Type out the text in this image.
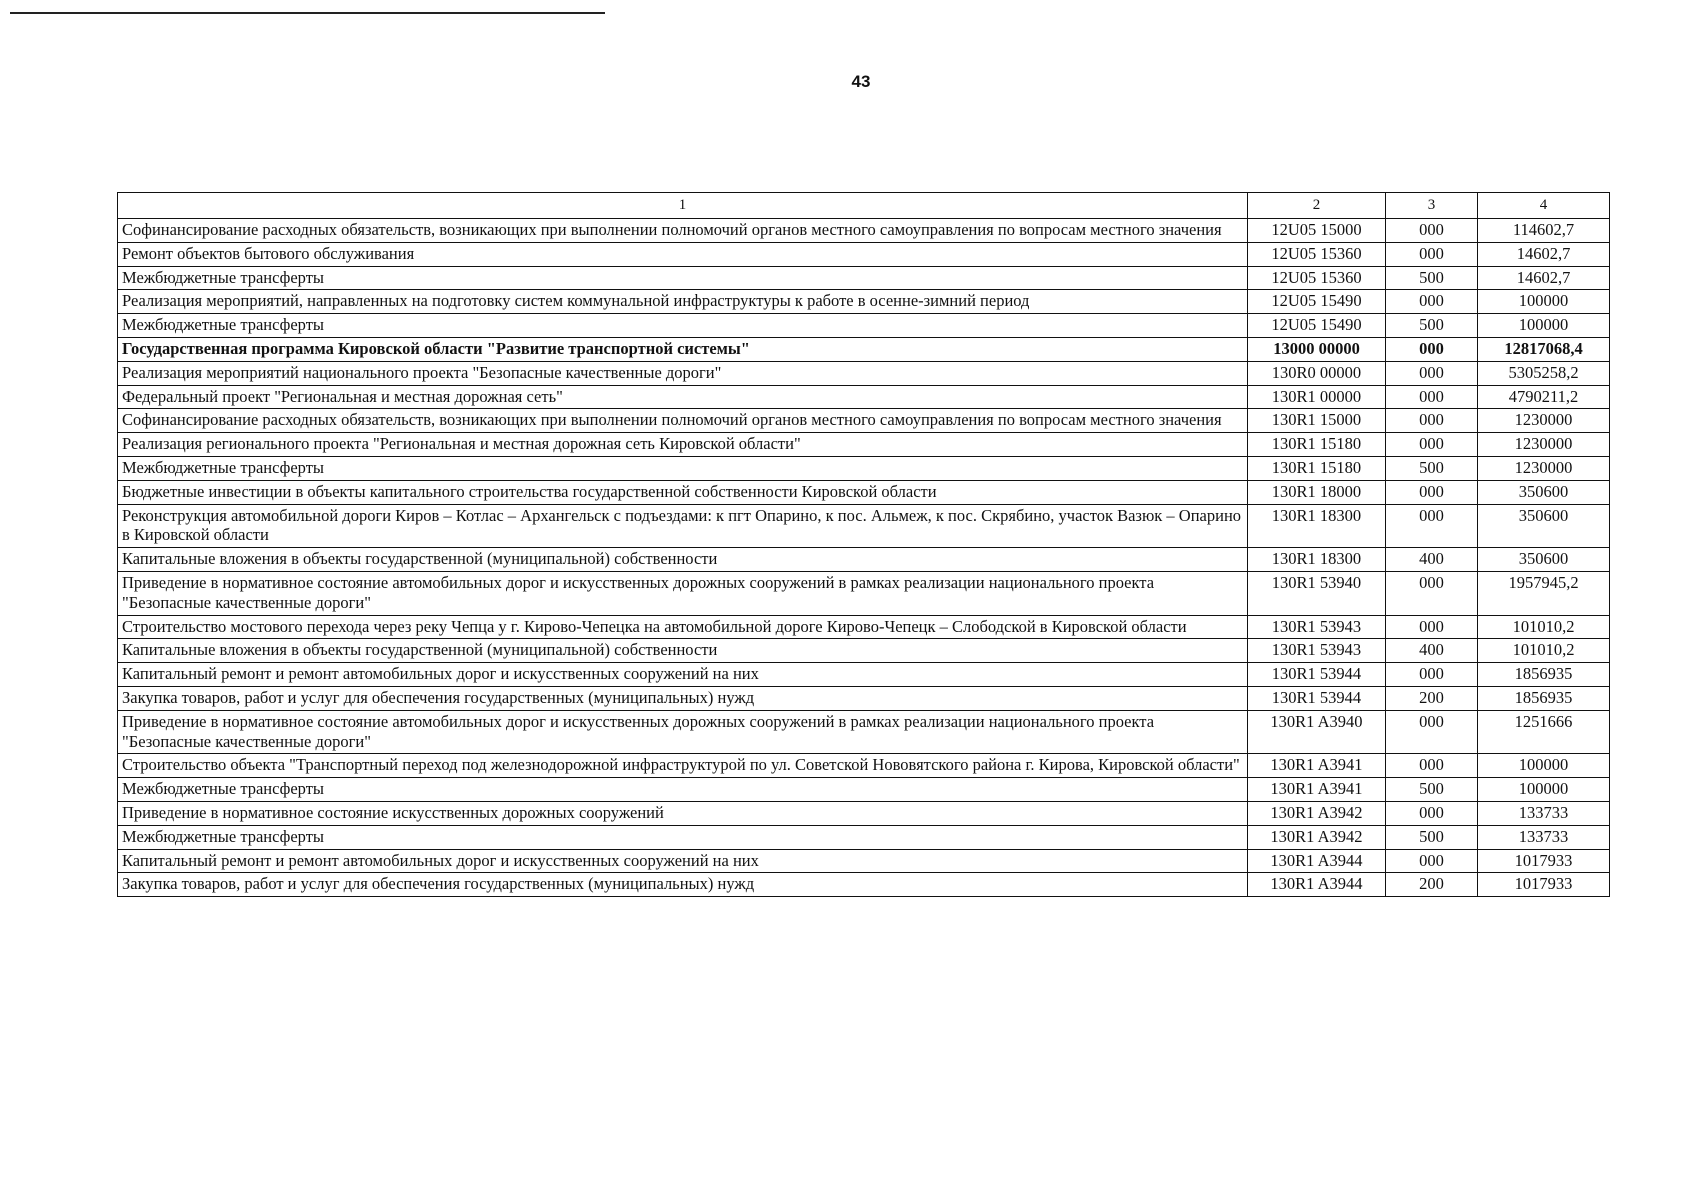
43
1	2	3	4
Софинансирование расходных обязательств, возникающих при выполнении полномочий органов местного самоуправления по вопросам местного значения	12U05 15000	000	114602,7
Ремонт объектов бытового обслуживания	12U05 15360	000	14602,7
Межбюджетные трансферты	12U05 15360	500	14602,7
Реализация мероприятий, направленных на подготовку систем коммунальной инфраструктуры к работе в осенне-зимний период	12U05 15490	000	100000
Межбюджетные трансферты	12U05 15490	500	100000
Государственная программа Кировской области "Развитие транспортной системы"	13000 00000	000	12817068,4
Реализация мероприятий национального проекта "Безопасные качественные дороги"	130R0 00000	000	5305258,2
Федеральный проект "Региональная и местная дорожная сеть"	130R1 00000	000	4790211,2
Софинансирование расходных обязательств, возникающих при выполнении полномочий органов местного самоуправления по вопросам местного значения	130R1 15000	000	1230000
Реализация регионального проекта "Региональная и местная дорожная сеть Кировской области"	130R1 15180	000	1230000
Межбюджетные трансферты	130R1 15180	500	1230000
Бюджетные инвестиции в объекты капитального строительства государственной собственности Кировской области	130R1 18000	000	350600
Реконструкция автомобильной дороги Киров – Котлас – Архангельск с подъездами: к пгт Опарино, к пос. Альмеж, к пос. Скрябино, участок Вазюк – Опарино в Кировской области	130R1 18300	000	350600
Капитальные вложения в объекты государственной (муниципальной) собственности	130R1 18300	400	350600
Приведение в нормативное состояние автомобильных дорог и искусственных дорожных сооружений в рамках реализации национального проекта "Безопасные качественные дороги"	130R1 53940	000	1957945,2
Строительство мостового перехода через реку Чепца у г. Кирово-Чепецка на автомобильной дороге Кирово-Чепецк – Слободской в Кировской области	130R1 53943	000	101010,2
Капитальные вложения в объекты государственной (муниципальной) собственности	130R1 53943	400	101010,2
Капитальный ремонт и ремонт автомобильных дорог и искусственных сооружений на них	130R1 53944	000	1856935
Закупка товаров, работ и услуг для обеспечения государственных (муниципальных) нужд	130R1 53944	200	1856935
Приведение в нормативное состояние автомобильных дорог и искусственных дорожных сооружений в рамках реализации национального проекта "Безопасные качественные дороги"	130R1 A3940	000	1251666
Строительство объекта "Транспортный переход под железнодорожной инфраструктурой по ул. Советской Нововятского района г. Кирова, Кировской области"	130R1 A3941	000	100000
Межбюджетные трансферты	130R1 A3941	500	100000
Приведение в нормативное состояние искусственных дорожных сооружений	130R1 A3942	000	133733
Межбюджетные трансферты	130R1 A3942	500	133733
Капитальный ремонт и ремонт автомобильных дорог и искусственных сооружений на них	130R1 A3944	000	1017933
Закупка товаров, работ и услуг для обеспечения государственных (муниципальных) нужд	130R1 A3944	200	1017933
